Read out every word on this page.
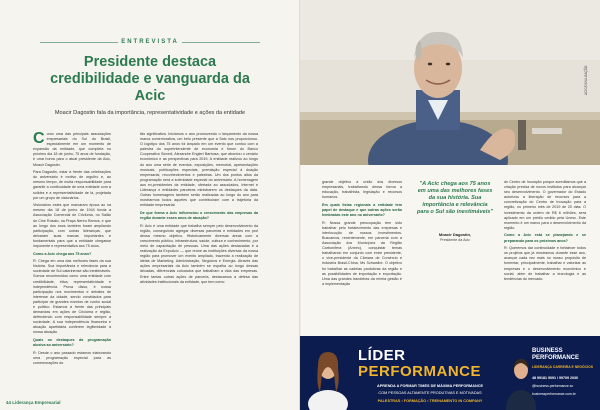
ENTREVISTA
Presidente destaca credibilidade e vanguarda da Acic
Moacir Dagostin fala da importância, representatividade e ações da entidade

Como uma das principais associações empresariais do Sul do Brasil, especialmente em um momento de expansão da entidade, que completa no próximo dia 18 de junho, 75 anos de fundação, é uma honra para o atual presidente da Acic, Moacir Dagostin.

Para Dagostin, estar à frente das celebrações do aniversário é motivo de orgulho e, ao mesmo tempo, de muita responsabilidade para garantir a continuidade de uma entidade com a solidez e a representatividade de lá, projetada por um grupo de visionários.

Visionários estes que marcaram época ao na mesmo dia 18 de junho de 1944 funda a Associação Comercial de Criciúma, no Salão do Cine Rosato, na Praça Nereu Ramos, e que ao longo dos anos também foram ampliando participação, com outras lideranças, que deixaram suas marcas importantes e fundamentais para que a entidade chegasse imponente e representativa aos 75 anos.

Como a Acic chega aos 75 anos?

R: Chega em uma das melhores fases da sua história. Sua importância e relevância para a sociedade de Sul catarinense são inestimáveis. Somos reconhecidos como uma entidade com credibilidade, ética, representatividade e independência. Prova disso, é nossa participação nos movimentos e debates de interesse da cidade, sendo convidados para participar de grandes eventos de cunho social e político. Estamos à frente das principais demandas em ações de Criciúma e região, defendendo com responsabilidade sempre a sociedade. A sua independência financeira e atuação apartidária conferem legitimidade à nossa atuação.

Quais os destaques da programação alusiva ao aniversário?

R: Desde o ano passado estamos elaborando uma programação especial para as comemorações do

tão significativa. Iniciamos o ano promovendo o lançamento da nossa marca comemorativa, um belo presente que a Satc nos proporcionou. O logotipo dos 75 anos foi lançado em um evento que contou com a palestra do superintendente de economia e fórum do Banco Cooperativo Sicredi, Alexandre Englert Barbosa, que abordou o cenário econômico e as perspectivas para 2019. A entidade realizou ao longo do ano uma série de eventos, exposições, memorial, apresentações musicais, publicações especiais, premiação especial à doação empresarial, reconhecimentos e palestras. Um dos pontos altos da programação será a solenidade especial do aniversário. A homenagem aos ex-presidentes da entidade, ofertada ao associados, Internet e Liderança e entidades parceiras ministrarem os destaques da data. Outras homenagens também serão realizadas ao longo do ano para mostrarmos todos aqueles que contribuíram com a trajetória da entidade empresarial.

De que forma a Acic influenciou o crescimento das empresas da região durante esses anos de atuação?

R: Acic é uma entidade que trabalha sempre pelo desenvolvimento da região, conseguindo agregar diversas parcerias e entidades em prol dessa mesmo objetivo. Historicamente diversas áreas com a crescimento público, infraestrutura, saúde, cultura e conhecimento, por meio de capacitação de pessoas. Uma das ações destacadas é a realização da ExpoAcic — que reúne as instituições diversas da nossa região para promover um evento ampliado, trazendo a realização de ideias de Marketing, Administração, Negócios e Energia. Através das ações empresariais da Acic também se espalha ao longo dessas décadas, diferenciais colocados que trabalham a vida das empresas. Entre tantas outras ações de parceria, destacamos a defesa das atividades institucionais da entidade, que tem como

44 Liderança Empresarial
ACIC/DIVULGAÇÃO

grande objetivo a união dos diversos empresariais, trabalhando dessa forma a educação, trabalhista, legislação e recursos humanos.

Em quais listas regionais a entidade tem papel de destaque e que outras ações serão lembradas este ano no aniversário?

R: Nossa grande preocupação tem sido trabalhar pelo fortalecimento das empresas e interlocução de nossos investimentos. Buscamos, recentemente, em parceria com a Associação dos Municípios da Região Carbonífera (Amrec), conquistar temas trabalhando em conjunto com entre presidente, o vice-presidente da Câmara de Comércio e Indústria Brasil-China, Ms Schwalbe. O objetivo foi trabalhar as cadeias produtivas da região e as possibilidades de importação e exportação. Uma das grandes bandeiras da minha gestão é a implementação

"A Acic chega aos 75 anos em uma das melhores fases da sua história. Sua importância e relevância para o Sul são inestimáveis"
Moacir Dagostin,
Presidente da Acic

do Centro de Inovação porque acreditamos que a criação precisa de novos institutos para alcançar seu desenvolvimento. O governador do Estado autorizou a liberação de recursos para a concretização do Centro de Inovação para a região, no primeiro mês de 2019 de 20 dias. O investimento da ordem de R$ 6 milhões, será aplicado em um prédio cedido pela Unesc. Este momento é um marco para o desenvolvimento da região.

Como a Acic está se planejando e se preparando para os próximos anos?

R: Queremos dar continuidade e fortalecer todos os projetos que já mostramos durante esse ano, avançar cada vez mais no nosso propósito de fomentar, principalmente, trabalhar e valorizar as empresas e o desenvolvimento econômico e social, além de trabalhar a tecnologia e as tendências do mercado.

LÍDER
PERFORMANCE
APRENDA A FORMAR TIMES DE MÁXIMA PERFORMANCE
COM PESSOAS ALTAMENTE PRODUTIVAS E MOTIVADAS
PALESTRAS • FORMAÇÃO • TREINAMENTO IN COMPANY
BUSINESS
PERFORMANCE
LIDERANÇA CARREIRA E NEGÓCIOS
48 99181 9091 / 99709 2030
@business.performance.sc
businessperformance.com.br
